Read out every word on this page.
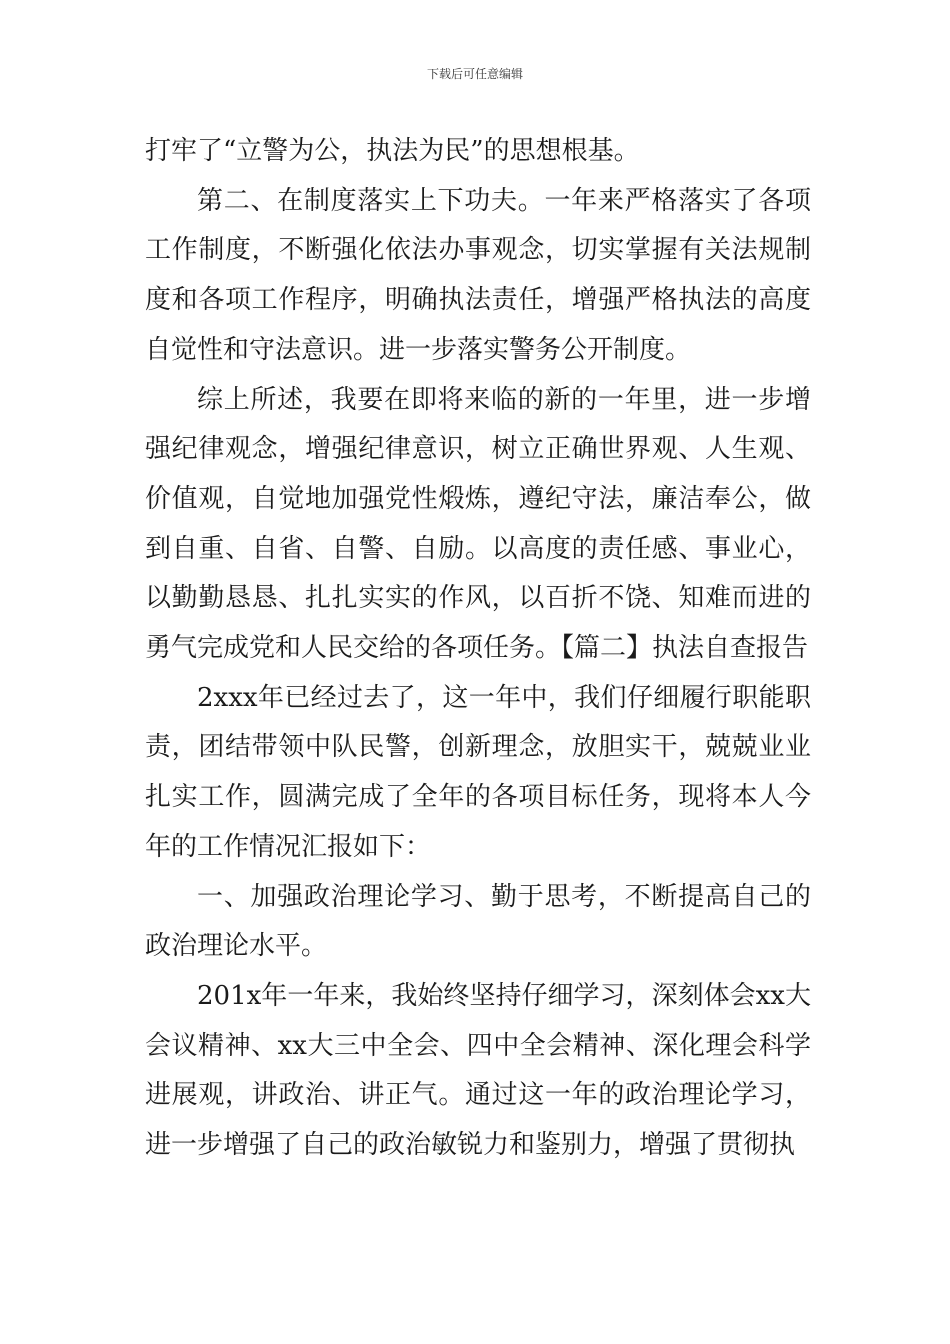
下载后可任意编辑

打牢了“立警为公，执法为民”的思想根基。

第二、在制度落实上下功夫。一年来严格落实了各项工作制度，不断强化依法办事观念，切实掌握有关法规制度和各项工作程序，明确执法责任，增强严格执法的高度自觉性和守法意识。进一步落实警务公开制度。

综上所述，我要在即将来临的新的一年里，进一步增强纪律观念，增强纪律意识，树立正确世界观、人生观、价值观，自觉地加强党性煅炼，遵纪守法，廉洁奉公，做到自重、自省、自警、自励。以高度的责任感、事业心，以勤勤恳恳、扎扎实实的作风，以百折不饶、知难而进的勇气完成党和人民交给的各项任务。【篇二】执法自查报告

2xxx年已经过去了，这一年中，我们仔细履行职能职责，团结带领中队民警，创新理念，放胆实干，兢兢业业扎实工作，圆满完成了全年的各项目标任务，现将本人今年的工作情况汇报如下：

一、加强政治理论学习、勤于思考，不断提高自己的政治理论水平。

201x年一年来，我始终坚持仔细学习，深刻体会xx大会议精神、xx大三中全会、四中全会精神、深化理会科学进展观，讲政治、讲正气。通过这一年的政治理论学习，进一步增强了自己的政治敏锐力和鉴别力，增强了贯彻执
